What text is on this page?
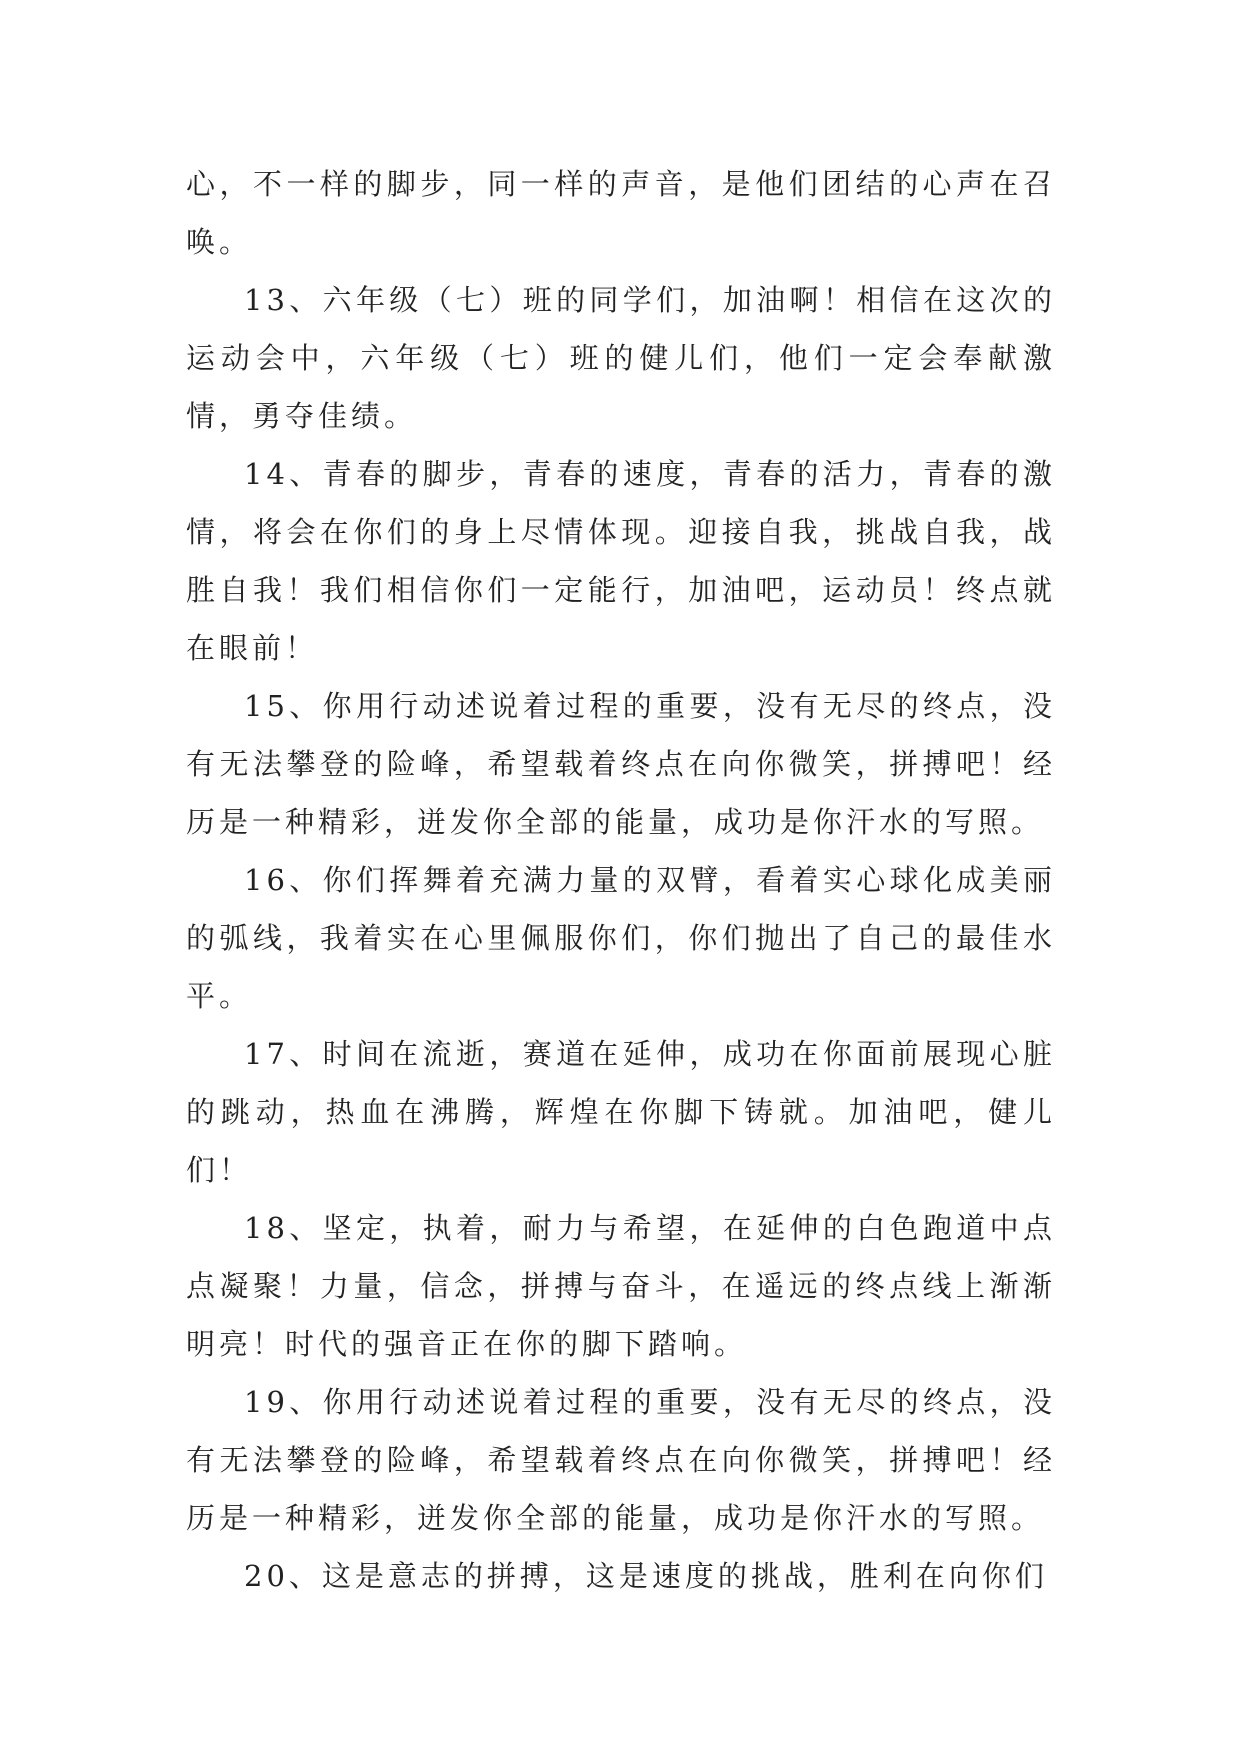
心，不一样的脚步，同一样的声音，是他们团结的心声在召唤。

13、六年级（七）班的同学们，加油啊！相信在这次的运动会中，六年级（七）班的健儿们，他们一定会奉献激情，勇夺佳绩。

14、青春的脚步，青春的速度，青春的活力，青春的激情，将会在你们的身上尽情体现。迎接自我，挑战自我，战胜自我！我们相信你们一定能行，加油吧，运动员！终点就在眼前！

15、你用行动述说着过程的重要，没有无尽的终点，没有无法攀登的险峰，希望载着终点在向你微笑，拼搏吧！经历是一种精彩，迸发你全部的能量，成功是你汗水的写照。

16、你们挥舞着充满力量的双臂，看着实心球化成美丽的弧线，我着实在心里佩服你们，你们抛出了自己的最佳水平。

17、时间在流逝，赛道在延伸，成功在你面前展现心脏的跳动，热血在沸腾，辉煌在你脚下铸就。加油吧，健儿们！

18、坚定，执着，耐力与希望，在延伸的白色跑道中点点凝聚！力量，信念，拼搏与奋斗，在遥远的终点线上渐渐明亮！时代的强音正在你的脚下踏响。

19、你用行动述说着过程的重要，没有无尽的终点，没有无法攀登的险峰，希望载着终点在向你微笑，拼搏吧！经历是一种精彩，迸发你全部的能量，成功是你汗水的写照。

20、这是意志的拼搏，这是速度的挑战，胜利在向你们
